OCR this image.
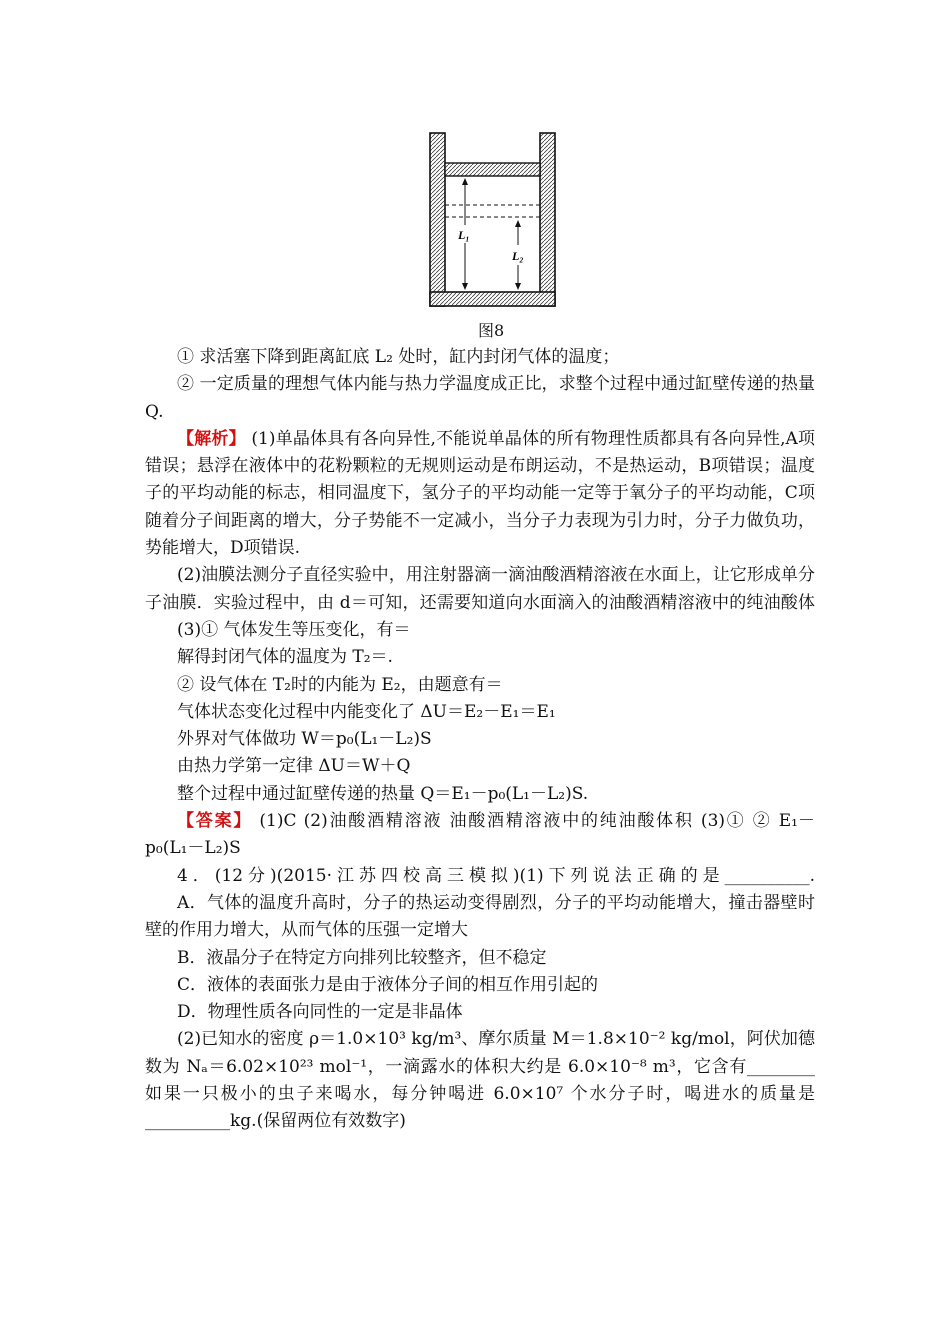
L₁
L₂
图8
① 求活塞下降到距离缸底 L₂ 处时，缸内封闭气体的温度；
② 一定质量的理想气体内能与热力学温度成正比，求整个过程中通过缸壁传递的热量
Q.
【解析】 (1)单晶体具有各向异性,不能说单晶体的所有物理性质都具有各向异性,A项
错误；悬浮在液体中的花粉颗粒的无规则运动是布朗运动，不是热运动，B项错误；温度
子的平均动能的标志，相同温度下，氢分子的平均动能一定等于氧分子的平均动能，C项
随着分子间距离的增大，分子势能不一定减小，当分子力表现为引力时，分子力做负功，
势能增大，D项错误.
(2)油膜法测分子直径实验中，用注射器滴一滴油酸酒精溶液在水面上，让它形成单分
子油膜．实验过程中，由 d＝可知，还需要知道向水面滴入的油酸酒精溶液中的纯油酸体
(3)① 气体发生等压变化，有＝
解得封闭气体的温度为 T₂＝.
② 设气体在 T₂时的内能为 E₂，由题意有＝
气体状态变化过程中内能变化了 ΔU＝E₂－E₁＝E₁
外界对气体做功 W＝p₀(L₁－L₂)S
由热力学第一定律 ΔU＝W＋Q
整个过程中通过缸壁传递的热量 Q＝E₁－p₀(L₁－L₂)S.
【答案】 (1)C (2)油酸酒精溶液 油酸酒精溶液中的纯油酸体积 (3)① ② E₁－
p₀(L₁－L₂)S
4．(12分)(2015·江苏四校高三模拟)(1)下列说法正确的是__________.
A．气体的温度升高时，分子的热运动变得剧烈，分子的平均动能增大，撞击器壁时
壁的作用力增大，从而气体的压强一定增大
B．液晶分子在特定方向排列比较整齐，但不稳定
C．液体的表面张力是由于液体分子间的相互作用引起的
D．物理性质各向同性的一定是非晶体
(2)已知水的密度 ρ＝1.0×10³ kg/m³、摩尔质量 M＝1.8×10⁻² kg/mol，阿伏加德
数为 Nₐ＝6.02×10²³ mol⁻¹，一滴露水的体积大约是 6.0×10⁻⁸ m³，它含有________
如果一只极小的虫子来喝水，每分钟喝进 6.0×10⁷ 个水分子时，喝进水的质量是
__________kg.(保留两位有效数字)
